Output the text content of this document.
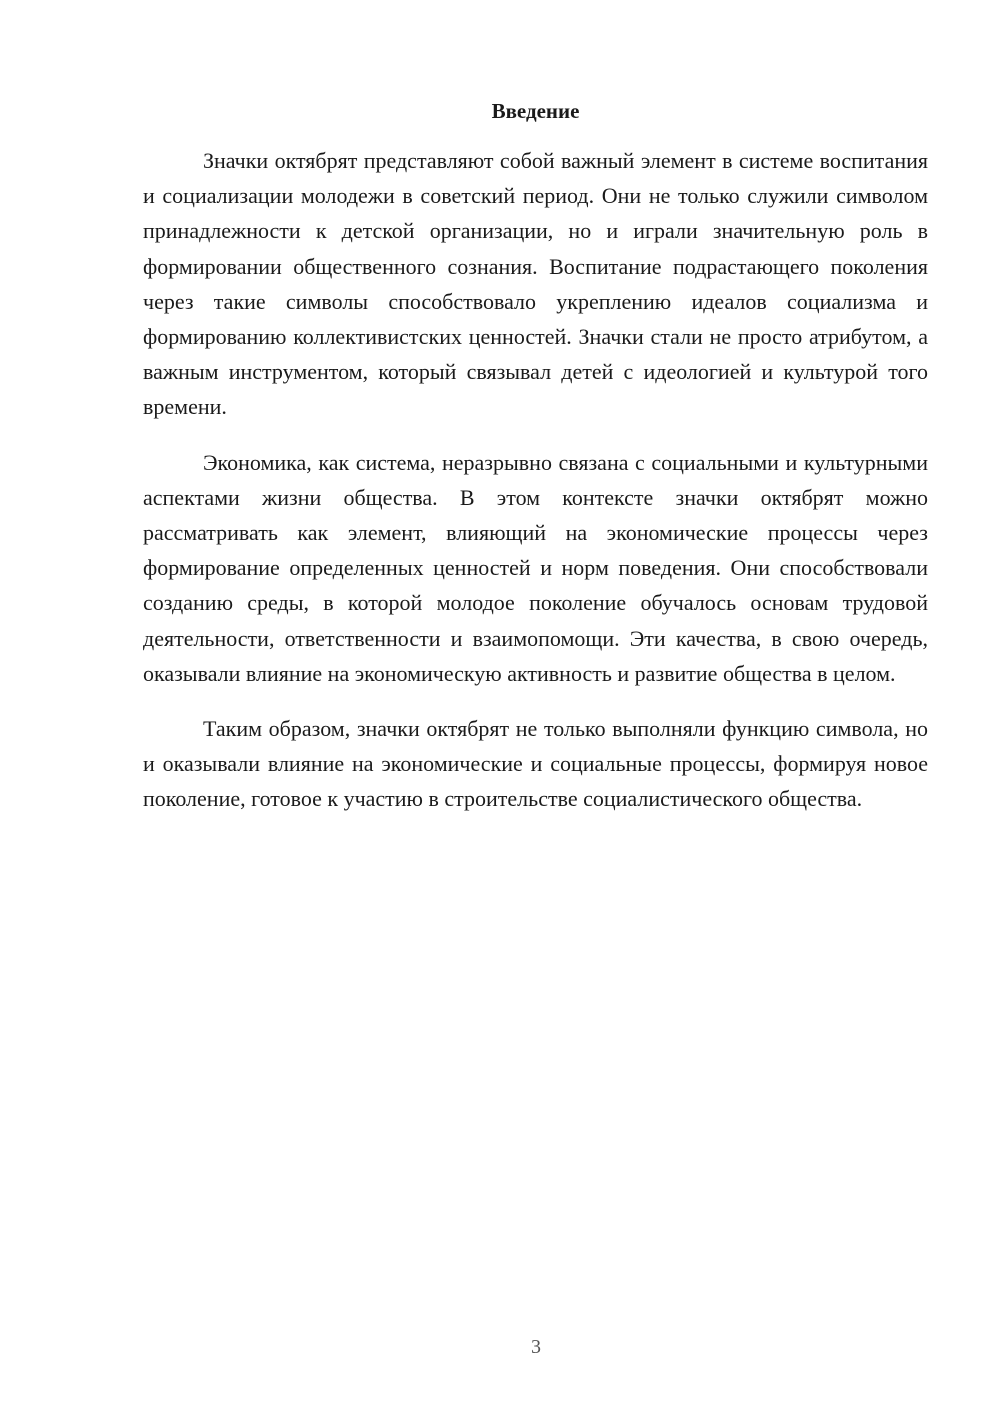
Введение

Значки октябрят представляют собой важный элемент в системе воспитания и социализации молодежи в советский период. Они не только служили символом принадлежности к детской организации, но и играли значительную роль в формировании общественного сознания. Воспитание подрастающего поколения через такие символы способствовало укреплению идеалов социализма и формированию коллективистских ценностей. Значки стали не просто атрибутом, а важным инструментом, который связывал детей с идеологией и культурой того времени.

Экономика, как система, неразрывно связана с социальными и культурными аспектами жизни общества. В этом контексте значки октябрят можно рассматривать как элемент, влияющий на экономические процессы через формирование определенных ценностей и норм поведения. Они способствовали созданию среды, в которой молодое поколение обучалось основам трудовой деятельности, ответственности и взаимопомощи. Эти качества, в свою очередь, оказывали влияние на экономическую активность и развитие общества в целом.

Таким образом, значки октябрят не только выполняли функцию символа, но и оказывали влияние на экономические и социальные процессы, формируя новое поколение, готовое к участию в строительстве социалистического общества.

3
